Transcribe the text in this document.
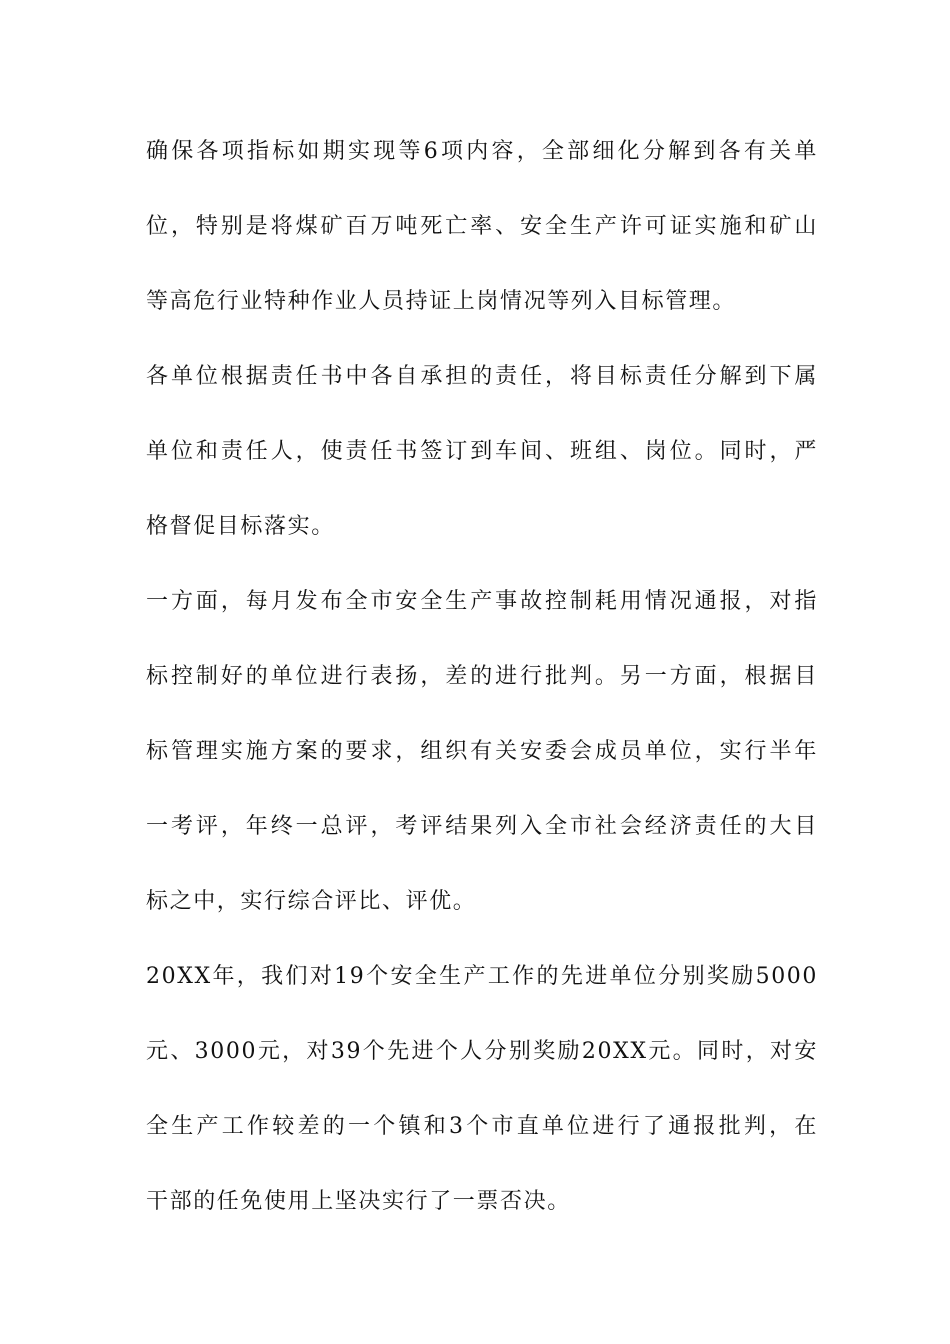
确保各项指标如期实现等6项内容，全部细化分解到各有关单
位，特别是将煤矿百万吨死亡率、安全生产许可证实施和矿山
等高危行业特种作业人员持证上岗情况等列入目标管理。
各单位根据责任书中各自承担的责任，将目标责任分解到下属
单位和责任人，使责任书签订到车间、班组、岗位。同时，严
格督促目标落实。
一方面，每月发布全市安全生产事故控制耗用情况通报，对指
标控制好的单位进行表扬，差的进行批判。另一方面，根据目
标管理实施方案的要求，组织有关安委会成员单位，实行半年
一考评，年终一总评，考评结果列入全市社会经济责任的大目
标之中，实行综合评比、评优。
20XX年，我们对19个安全生产工作的先进单位分别奖励5000
元、3000元，对39个先进个人分别奖励20XX元。同时，对安
全生产工作较差的一个镇和3个市直单位进行了通报批判，在
干部的任免使用上坚决实行了一票否决。
